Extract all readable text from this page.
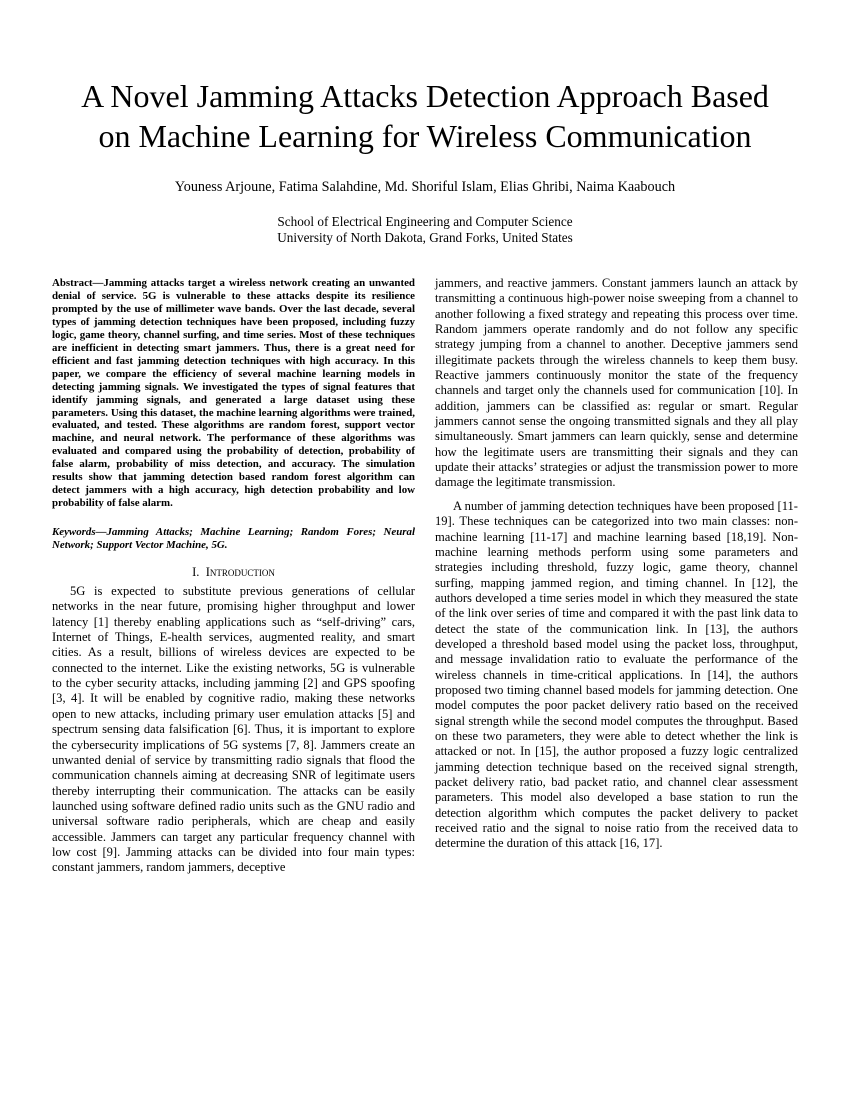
A Novel Jamming Attacks Detection Approach Based
on Machine Learning for Wireless Communication
Youness Arjoune, Fatima Salahdine, Md. Shoriful Islam, Elias Ghribi, Naima Kaabouch
School of Electrical Engineering and Computer Science
University of North Dakota, Grand Forks, United States

Abstract—Jamming attacks target a wireless network creating an unwanted denial of service. 5G is vulnerable to these attacks despite its resilience prompted by the use of millimeter wave bands. Over the last decade, several types of jamming detection techniques have been proposed, including fuzzy logic, game theory, channel surfing, and time series. Most of these techniques are inefficient in detecting smart jammers. Thus, there is a great need for efficient and fast jamming detection techniques with high accuracy. In this paper, we compare the efficiency of several machine learning models in detecting jamming signals. We investigated the types of signal features that identify jamming signals, and generated a large dataset using these parameters. Using this dataset, the machine learning algorithms were trained, evaluated, and tested. These algorithms are random forest, support vector machine, and neural network. The performance of these algorithms was evaluated and compared using the probability of detection, probability of false alarm, probability of miss detection, and accuracy. The simulation results show that jamming detection based random forest algorithm can detect jammers with a high accuracy, high detection probability and low probability of false alarm.

Keywords—Jamming Attacks; Machine Learning; Random Fores; Neural Network; Support Vector Machine, 5G.

I. Introduction

5G is expected to substitute previous generations of cellular networks in the near future, promising higher throughput and lower latency [1] thereby enabling applications such as “self-driving” cars, Internet of Things, E-health services, augmented reality, and smart cities. As a result, billions of wireless devices are expected to be connected to the internet. Like the existing networks, 5G is vulnerable to the cyber security attacks, including jamming [2] and GPS spoofing [3, 4]. It will be enabled by cognitive radio, making these networks open to new attacks, including primary user emulation attacks [5] and spectrum sensing data falsification [6]. Thus, it is important to explore the cybersecurity implications of 5G systems [7, 8]. Jammers create an unwanted denial of service by transmitting radio signals that flood the communication channels aiming at decreasing SNR of legitimate users thereby interrupting their communication. The attacks can be easily launched using software defined radio units such as the GNU radio and universal software radio peripherals, which are cheap and easily accessible. Jammers can target any particular frequency channel with low cost [9]. Jamming attacks can be divided into four main types: constant jammers, random jammers, deceptive

jammers, and reactive jammers. Constant jammers launch an attack by transmitting a continuous high-power noise sweeping from a channel to another following a fixed strategy and repeating this process over time. Random jammers operate randomly and do not follow any specific strategy jumping from a channel to another. Deceptive jammers send illegitimate packets through the wireless channels to keep them busy. Reactive jammers continuously monitor the state of the frequency channels and target only the channels used for communication [10]. In addition, jammers can be classified as: regular or smart. Regular jammers cannot sense the ongoing transmitted signals and they all play simultaneously. Smart jammers can learn quickly, sense and determine how the legitimate users are transmitting their signals and they can update their attacks’ strategies or adjust the transmission power to more damage the legitimate transmission.

A number of jamming detection techniques have been proposed [11-19]. These techniques can be categorized into two main classes: non-machine learning [11-17] and machine learning based [18,19]. Non-machine learning methods perform using some parameters and strategies including threshold, fuzzy logic, game theory, channel surfing, mapping jammed region, and timing channel. In [12], the authors developed a time series model in which they measured the state of the link over series of time and compared it with the past link data to detect the state of the communication link. In [13], the authors developed a threshold based model using the packet loss, throughput, and message invalidation ratio to evaluate the performance of the wireless channels in time-critical applications. In [14], the authors proposed two timing channel based models for jamming detection. One model computes the poor packet delivery ratio based on the received signal strength while the second model computes the throughput. Based on these two parameters, they were able to detect whether the link is attacked or not. In [15], the author proposed a fuzzy logic centralized jamming detection technique based on the received signal strength, packet delivery ratio, bad packet ratio, and channel clear assessment parameters. This model also developed a base station to run the detection algorithm which computes the packet delivery to packet received ratio and the signal to noise ratio from the received data to determine the duration of this attack [16, 17].
